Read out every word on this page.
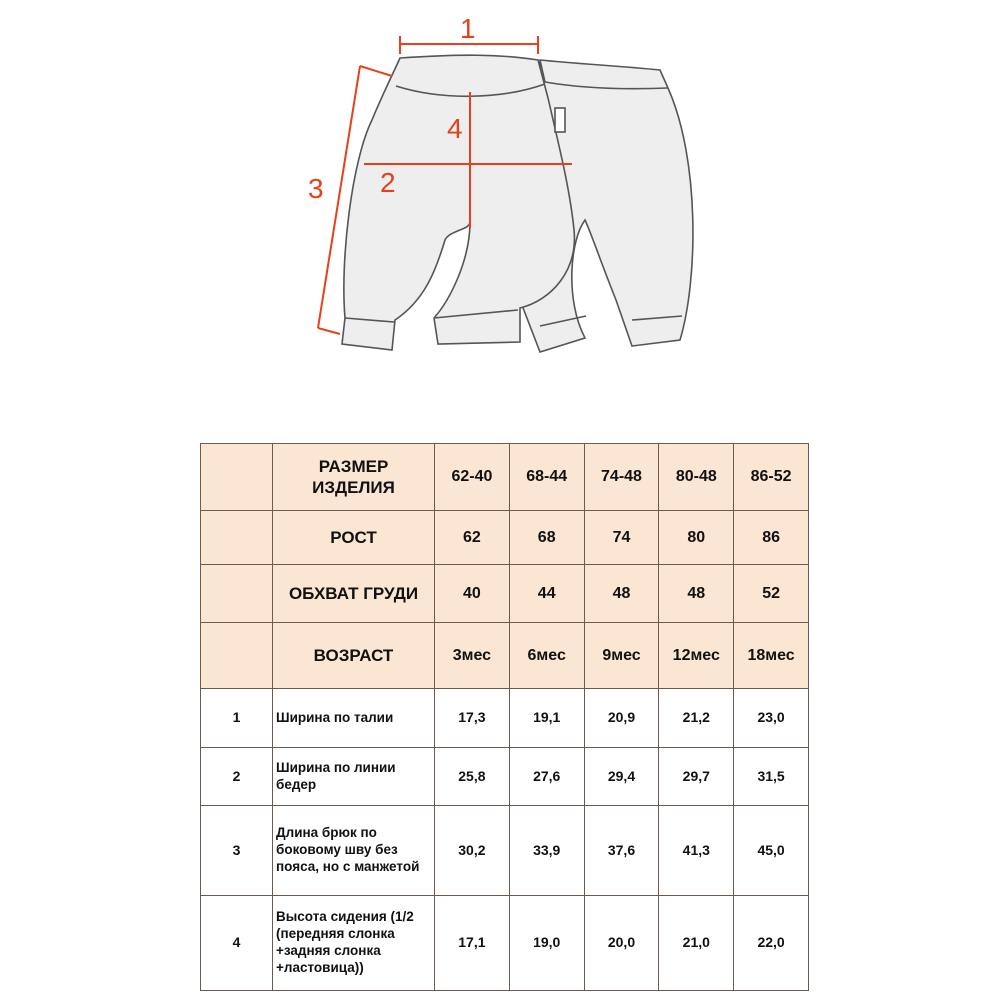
1
2
3
4
	РАЗМЕР
ИЗДЕЛИЯ	62-40	68-44	74-48	80-48	86-52
	РОСТ	62	68	74	80	86
	ОБХВАТ ГРУДИ	40	44	48	48	52
	ВОЗРАСТ	3мес	6мес	9мес	12мес	18мес
1	Ширина по талии	17,3	19,1	20,9	21,2	23,0
2	Ширина по линии бедер	25,8	27,6	29,4	29,7	31,5
3	Длина брюк по боковому шву без пояса, но с манжетой	30,2	33,9	37,6	41,3	45,0
4	Высота сидения (1/2 (передняя слонка +задняя слонка +ластовица))	17,1	19,0	20,0	21,0	22,0
